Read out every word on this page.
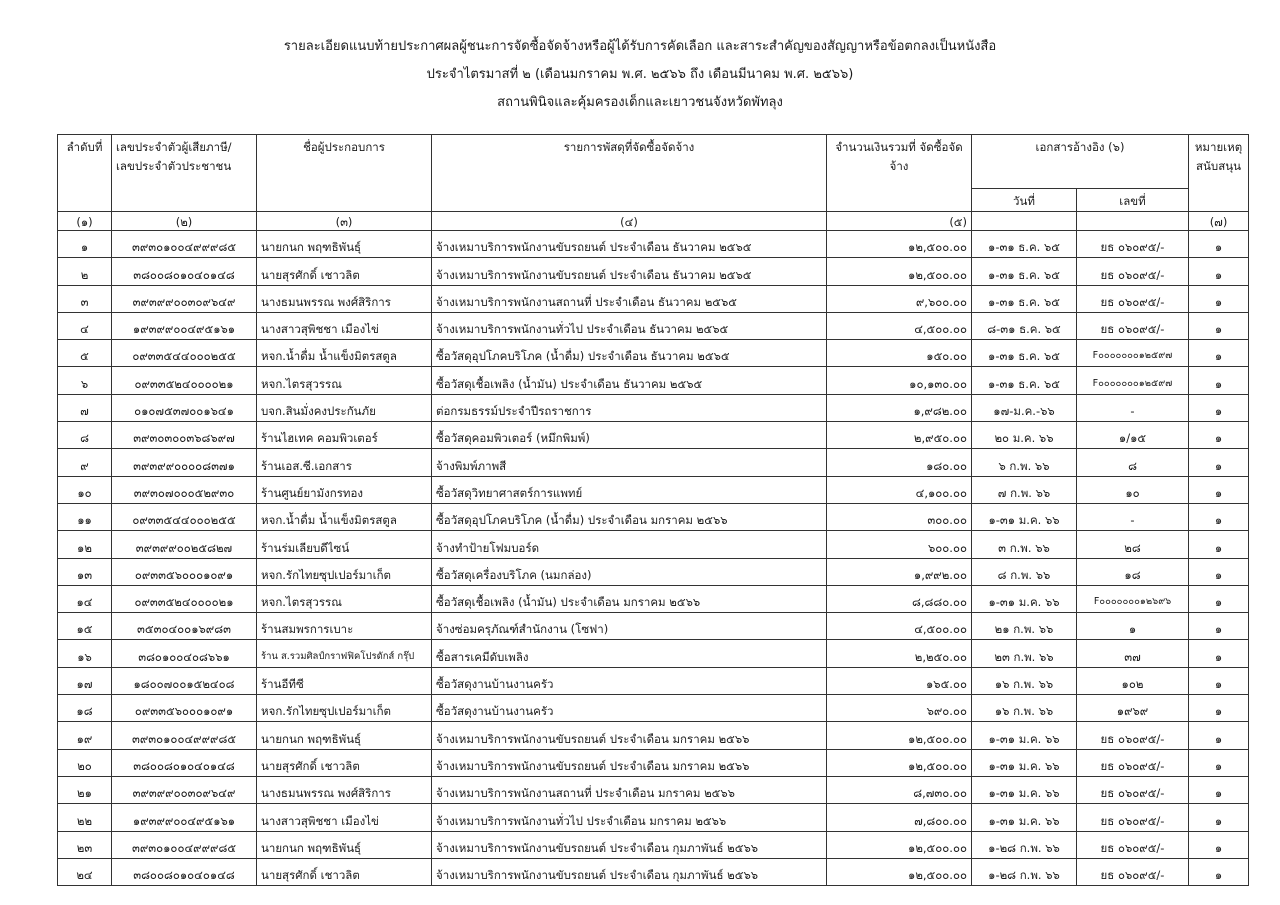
รายละเอียดแนบท้ายประกาศผลผู้ชนะการจัดซื้อจัดจ้างหรือผู้ได้รับการคัดเลือก และสาระสำคัญของสัญญาหรือข้อตกลงเป็นหนังสือ
ประจำไตรมาสที่ ๒ (เดือนมกราคม พ.ศ. ๒๕๖๖ ถึง เดือนมีนาคม พ.ศ. ๒๕๖๖)
สถานพินิจและคุ้มครองเด็กและเยาวชนจังหวัดพัทลุง
ลำดับที่	เลขประจำตัวผู้เสียภาษี/ เลขประจำตัวประชาชน	ชื่อผู้ประกอบการ	รายการพัสดุที่จัดซื้อจัดจ้าง	จำนวนเงินรวมที่ จัดซื้อจัดจ้าง	เอกสารอ้างอิง (๖)		หมายเหตุ สนับสนุน
					วันที่	เลขที่	
(๑)	(๒)	(๓)	(๔)	(๕)			(๗)
๑	๓๙๓๐๑๐๐๔๙๙๙๘๕	นายกนก พฤฑธิพันธุ์	จ้างเหมาบริการพนักงานขับรถยนต์ ประจำเดือน ธันวาคม ๒๕๖๕	๑๒,๕๐๐.๐๐	๑-๓๑ ธ.ค. ๖๕	ยธ ๐๖๐๙๕/-	๑
๒	๓๘๐๐๘๐๑๐๔๐๑๔๘	นายสุรศักดิ์ เชาวลิต	จ้างเหมาบริการพนักงานขับรถยนต์ ประจำเดือน ธันวาคม ๒๕๖๕	๑๒,๕๐๐.๐๐	๑-๓๑ ธ.ค. ๖๕	ยธ ๐๖๐๙๕/-	๑
๓	๓๙๓๙๙๐๐๓๐๙๖๔๙	นางธมนพรรณ พงศ์สิริการ	จ้างเหมาบริการพนักงานสถานที่ ประจำเดือน ธันวาคม ๒๕๖๕	๙,๖๐๐.๐๐	๑-๓๑ ธ.ค. ๖๕	ยธ ๐๖๐๙๕/-	๑
๔	๑๙๓๙๙๐๐๔๙๕๑๖๑	นางสาวสุพิชชา เมืองไข่	จ้างเหมาบริการพนักงานทั่วไป ประจำเดือน ธันวาคม ๒๕๖๕	๔,๕๐๐.๐๐	๘-๓๑ ธ.ค. ๖๕	ยธ ๐๖๐๙๕/-	๑
๕	๐๙๓๓๕๔๔๐๐๐๒๕๕	หจก.น้ำดื่ม น้ำแข็งมิตรสตูล	ซื้อวัสดุอุปโภคบริโภค (น้ำดื่ม) ประจำเดือน ธันวาคม ๒๕๖๕	๑๕๐.๐๐	๑-๓๑ ธ.ค. ๖๕	F๐๐๐๐๐๐๐๑๒๕๙๗	๑
๖	๐๙๓๓๕๒๔๐๐๐๐๒๑	หจก.ไตรสุวรรณ	ซื้อวัสดุเชื้อเพลิง (น้ำมัน) ประจำเดือน ธันวาคม ๒๕๖๕	๑๐,๑๓๐.๐๐	๑-๓๑ ธ.ค. ๖๕	F๐๐๐๐๐๐๐๑๒๕๙๗	๑
๗	๐๑๐๗๕๓๗๐๐๑๖๔๑	บจก.สินมั่งคงประกันภัย	ต่อกรมธรรม์ประจำปีรถราชการ	๑,๙๘๒.๐๐	๑๗-ม.ค.-๖๖	-	๑
๘	๓๙๓๐๓๐๐๓๖๘๖๙๗	ร้านไฮเทค คอมพิวเตอร์	ซื้อวัสดุคอมพิวเตอร์ (หมึกพิมพ์)	๒,๙๕๐.๐๐	๒๐ ม.ค. ๖๖	๑/๑๕	๑
๙	๓๙๓๙๙๐๐๐๐๘๓๗๑	ร้านเอส.ซี.เอกสาร	จ้างพิมพ์ภาพสี	๑๘๐.๐๐	๖ ก.พ. ๖๖	๘	๑
๑๐	๓๙๓๐๗๐๐๐๕๒๙๓๐	ร้านศูนย์ยามังกรทอง	ซื้อวัสดุวิทยาศาสตร์การแพทย์	๔,๑๐๐.๐๐	๗ ก.พ. ๖๖	๑๐	๑
๑๑	๐๙๓๓๕๔๔๐๐๐๒๕๕	หจก.น้ำดื่ม น้ำแข็งมิตรสตูล	ซื้อวัสดุอุปโภคบริโภค (น้ำดื่ม) ประจำเดือน มกราคม ๒๕๖๖	๓๐๐.๐๐	๑-๓๑ ม.ค. ๖๖	-	๑
๑๒	๓๙๓๙๙๐๐๒๕๘๒๗	ร้านร่มเลียบดีไซน์	จ้างทำป้ายโฟมบอร์ด	๖๐๐.๐๐	๓ ก.พ. ๖๖	๒๘	๑
๑๓	๐๙๓๓๕๖๐๐๐๑๐๙๑	หจก.รักไทยซุปเปอร์มาเก็ต	ซื้อวัสดุเครื่องบริโภค (นมกล่อง)	๑,๙๙๒.๐๐	๘ ก.พ. ๖๖	๑๘	๑
๑๔	๐๙๓๓๕๒๔๐๐๐๐๒๑	หจก.ไตรสุวรรณ	ซื้อวัสดุเชื้อเพลิง (น้ำมัน) ประจำเดือน มกราคม ๒๕๖๖	๘,๘๘๐.๐๐	๑-๓๑ ม.ค. ๖๖	F๐๐๐๐๐๐๐๑๒๖๙๖	๑
๑๕	๓๕๓๐๔๐๐๑๖๙๘๓	ร้านสมพรการเบาะ	จ้างซ่อมครุภัณฑ์สำนักงาน (โซฟา)	๔,๕๐๐.๐๐	๒๑ ก.พ. ๖๖	๑	๑
๑๖	๓๘๐๑๐๐๔๐๘๖๖๑	ร้าน ส.รวมศิลป์กราฟฟิคโปรดักส์ กรุ๊ป	ซื้อสารเคมีดับเพลิง	๒,๒๕๐.๐๐	๒๓ ก.พ. ๖๖	๓๗	๑
๑๗	๑๘๐๐๗๐๐๑๕๒๔๐๘	ร้านอีทีซี	ซื้อวัสดุงานบ้านงานครัว	๑๖๕.๐๐	๑๖ ก.พ. ๖๖	๑๐๒	๑
๑๘	๐๙๓๓๕๖๐๐๐๑๐๙๑	หจก.รักไทยซุปเปอร์มาเก็ต	ซื้อวัสดุงานบ้านงานครัว	๖๙๐.๐๐	๑๖ ก.พ. ๖๖	๑๙๖๙	๑
๑๙	๓๙๓๐๑๐๐๔๙๙๙๘๕	นายกนก พฤฑธิพันธุ์	จ้างเหมาบริการพนักงานขับรถยนต์ ประจำเดือน มกราคม ๒๕๖๖	๑๒,๕๐๐.๐๐	๑-๓๑ ม.ค. ๖๖	ยธ ๐๖๐๙๕/-	๑
๒๐	๓๘๐๐๘๐๑๐๔๐๑๔๘	นายสุรศักดิ์ เชาวลิต	จ้างเหมาบริการพนักงานขับรถยนต์ ประจำเดือน มกราคม ๒๕๖๖	๑๒,๕๐๐.๐๐	๑-๓๑ ม.ค. ๖๖	ยธ ๐๖๐๙๕/-	๑
๒๑	๓๙๓๙๙๐๐๓๐๙๖๔๙	นางธมนพรรณ พงศ์สิริการ	จ้างเหมาบริการพนักงานสถานที่ ประจำเดือน มกราคม ๒๕๖๖	๘,๗๓๐.๐๐	๑-๓๑ ม.ค. ๖๖	ยธ ๐๖๐๙๕/-	๑
๒๒	๑๙๓๙๙๐๐๔๙๕๑๖๑	นางสาวสุพิชชา เมืองไข่	จ้างเหมาบริการพนักงานทั่วไป ประจำเดือน มกราคม ๒๕๖๖	๗,๘๐๐.๐๐	๑-๓๑ ม.ค. ๖๖	ยธ ๐๖๐๙๕/-	๑
๒๓	๓๙๓๐๑๐๐๔๙๙๙๘๕	นายกนก พฤฑธิพันธุ์	จ้างเหมาบริการพนักงานขับรถยนต์ ประจำเดือน กุมภาพันธ์ ๒๕๖๖	๑๒,๕๐๐.๐๐	๑-๒๘ ก.พ. ๖๖	ยธ ๐๖๐๙๕/-	๑
๒๔	๓๘๐๐๘๐๑๐๔๐๑๔๘	นายสุรศักดิ์ เชาวลิต	จ้างเหมาบริการพนักงานขับรถยนต์ ประจำเดือน กุมภาพันธ์ ๒๕๖๖	๑๒,๕๐๐.๐๐	๑-๒๘ ก.พ. ๖๖	ยธ ๐๖๐๙๕/-	๑
